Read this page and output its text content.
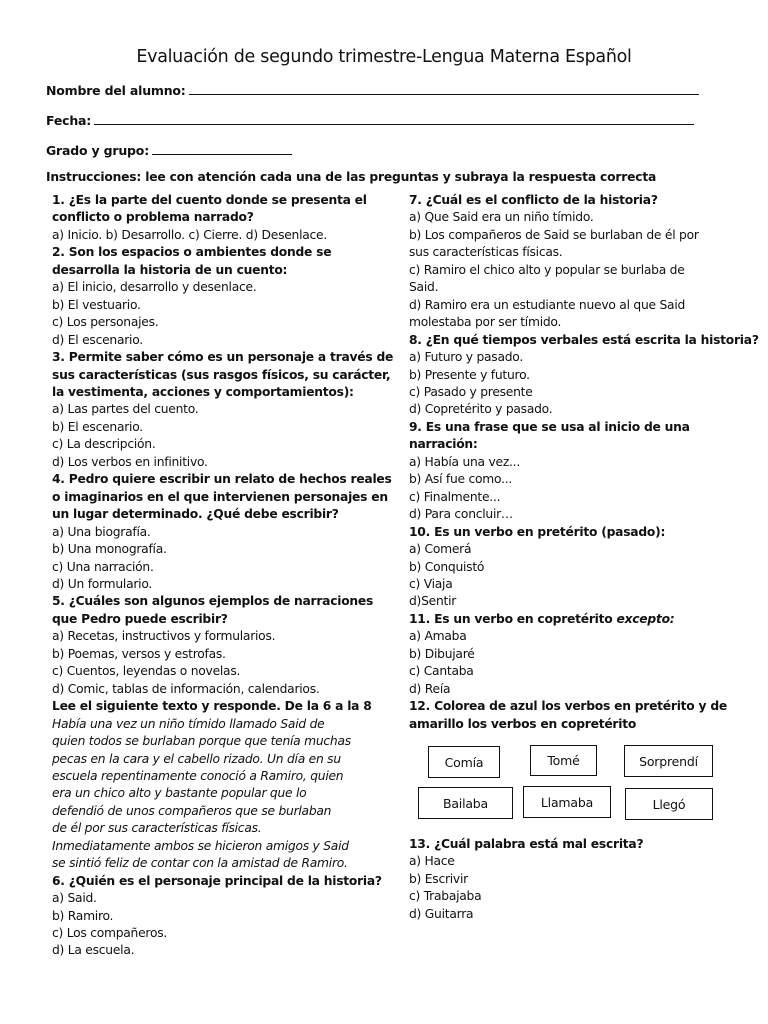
Evaluación de segundo trimestre-Lengua Materna Español
Nombre del alumno:
Fecha:
Grado y grupo:
Instrucciones: lee con atención cada una de las preguntas y subraya la respuesta correcta

1. ¿Es la parte del cuento donde se presenta el

conflicto o problema narrado?

a) Inicio. b) Desarrollo. c) Cierre. d) Desenlace.

2. Son los espacios o ambientes donde se

desarrolla la historia de un cuento:

a) El inicio, desarrollo y desenlace.

b) El vestuario.

c) Los personajes.

d) El escenario.

3. Permite saber cómo es un personaje a través de

sus características (sus rasgos físicos, su carácter,

la vestimenta, acciones y comportamientos):

a) Las partes del cuento.

b) El escenario.

c) La descripción.

d) Los verbos en infinitivo.

4. Pedro quiere escribir un relato de hechos reales

o imaginarios en el que intervienen personajes en

un lugar determinado. ¿Qué debe escribir?

a) Una biografía.

b) Una monografía.

c) Una narración.

d) Un formulario.

5. ¿Cuáles son algunos ejemplos de narraciones

que Pedro puede escribir?

a) Recetas, instructivos y formularios.

b) Poemas, versos y estrofas.

c) Cuentos, leyendas o novelas.

d) Comic, tablas de información, calendarios.

Lee el siguiente texto y responde. De la 6 a la 8

Había una vez un niño tímido llamado Said de

quien todos se burlaban porque que tenía muchas

pecas en la cara y el cabello rizado. Un día en su

escuela repentinamente conoció a Ramiro, quien

era un chico alto y bastante popular que lo

defendió de unos compañeros que se burlaban

de él por sus características físicas.

Inmediatamente ambos se hicieron amigos y Said

se sintió feliz de contar con la amistad de Ramiro.

6. ¿Quién es el personaje principal de la historia?

a) Said.

b) Ramiro.

c) Los compañeros.

d) La escuela.

7. ¿Cuál es el conflicto de la historia?

a) Que Said era un niño tímido.

b) Los compañeros de Said se burlaban de él por

sus características físicas.

c) Ramiro el chico alto y popular se burlaba de

Said.

d) Ramiro era un estudiante nuevo al que Said

molestaba por ser tímido.

8. ¿En qué tiempos verbales está escrita la historia?

a) Futuro y pasado.

b) Presente y futuro.

c) Pasado y presente

d) Copretérito y pasado.

9. Es una frase que se usa al inicio de una

narración:

a) Había una vez...

b) Así fue como...

c) Finalmente...

d) Para concluir…

10. Es un verbo en pretérito (pasado):

a) Comerá

b) Conquistó

c) Viaja

d)Sentir

11. Es un verbo en copretérito excepto:

a) Amaba

b) Dibujaré

c) Cantaba

d) Reía

12. Colorea de azul los verbos en pretérito y de

amarillo los verbos en copretérito

Comía	Tomé	Sorprendí
Bailaba	Llamaba	Llegó

13. ¿Cuál palabra está mal escrita?

a) Hace

b) Escrivir

c) Trabajaba

d) Guitarra
